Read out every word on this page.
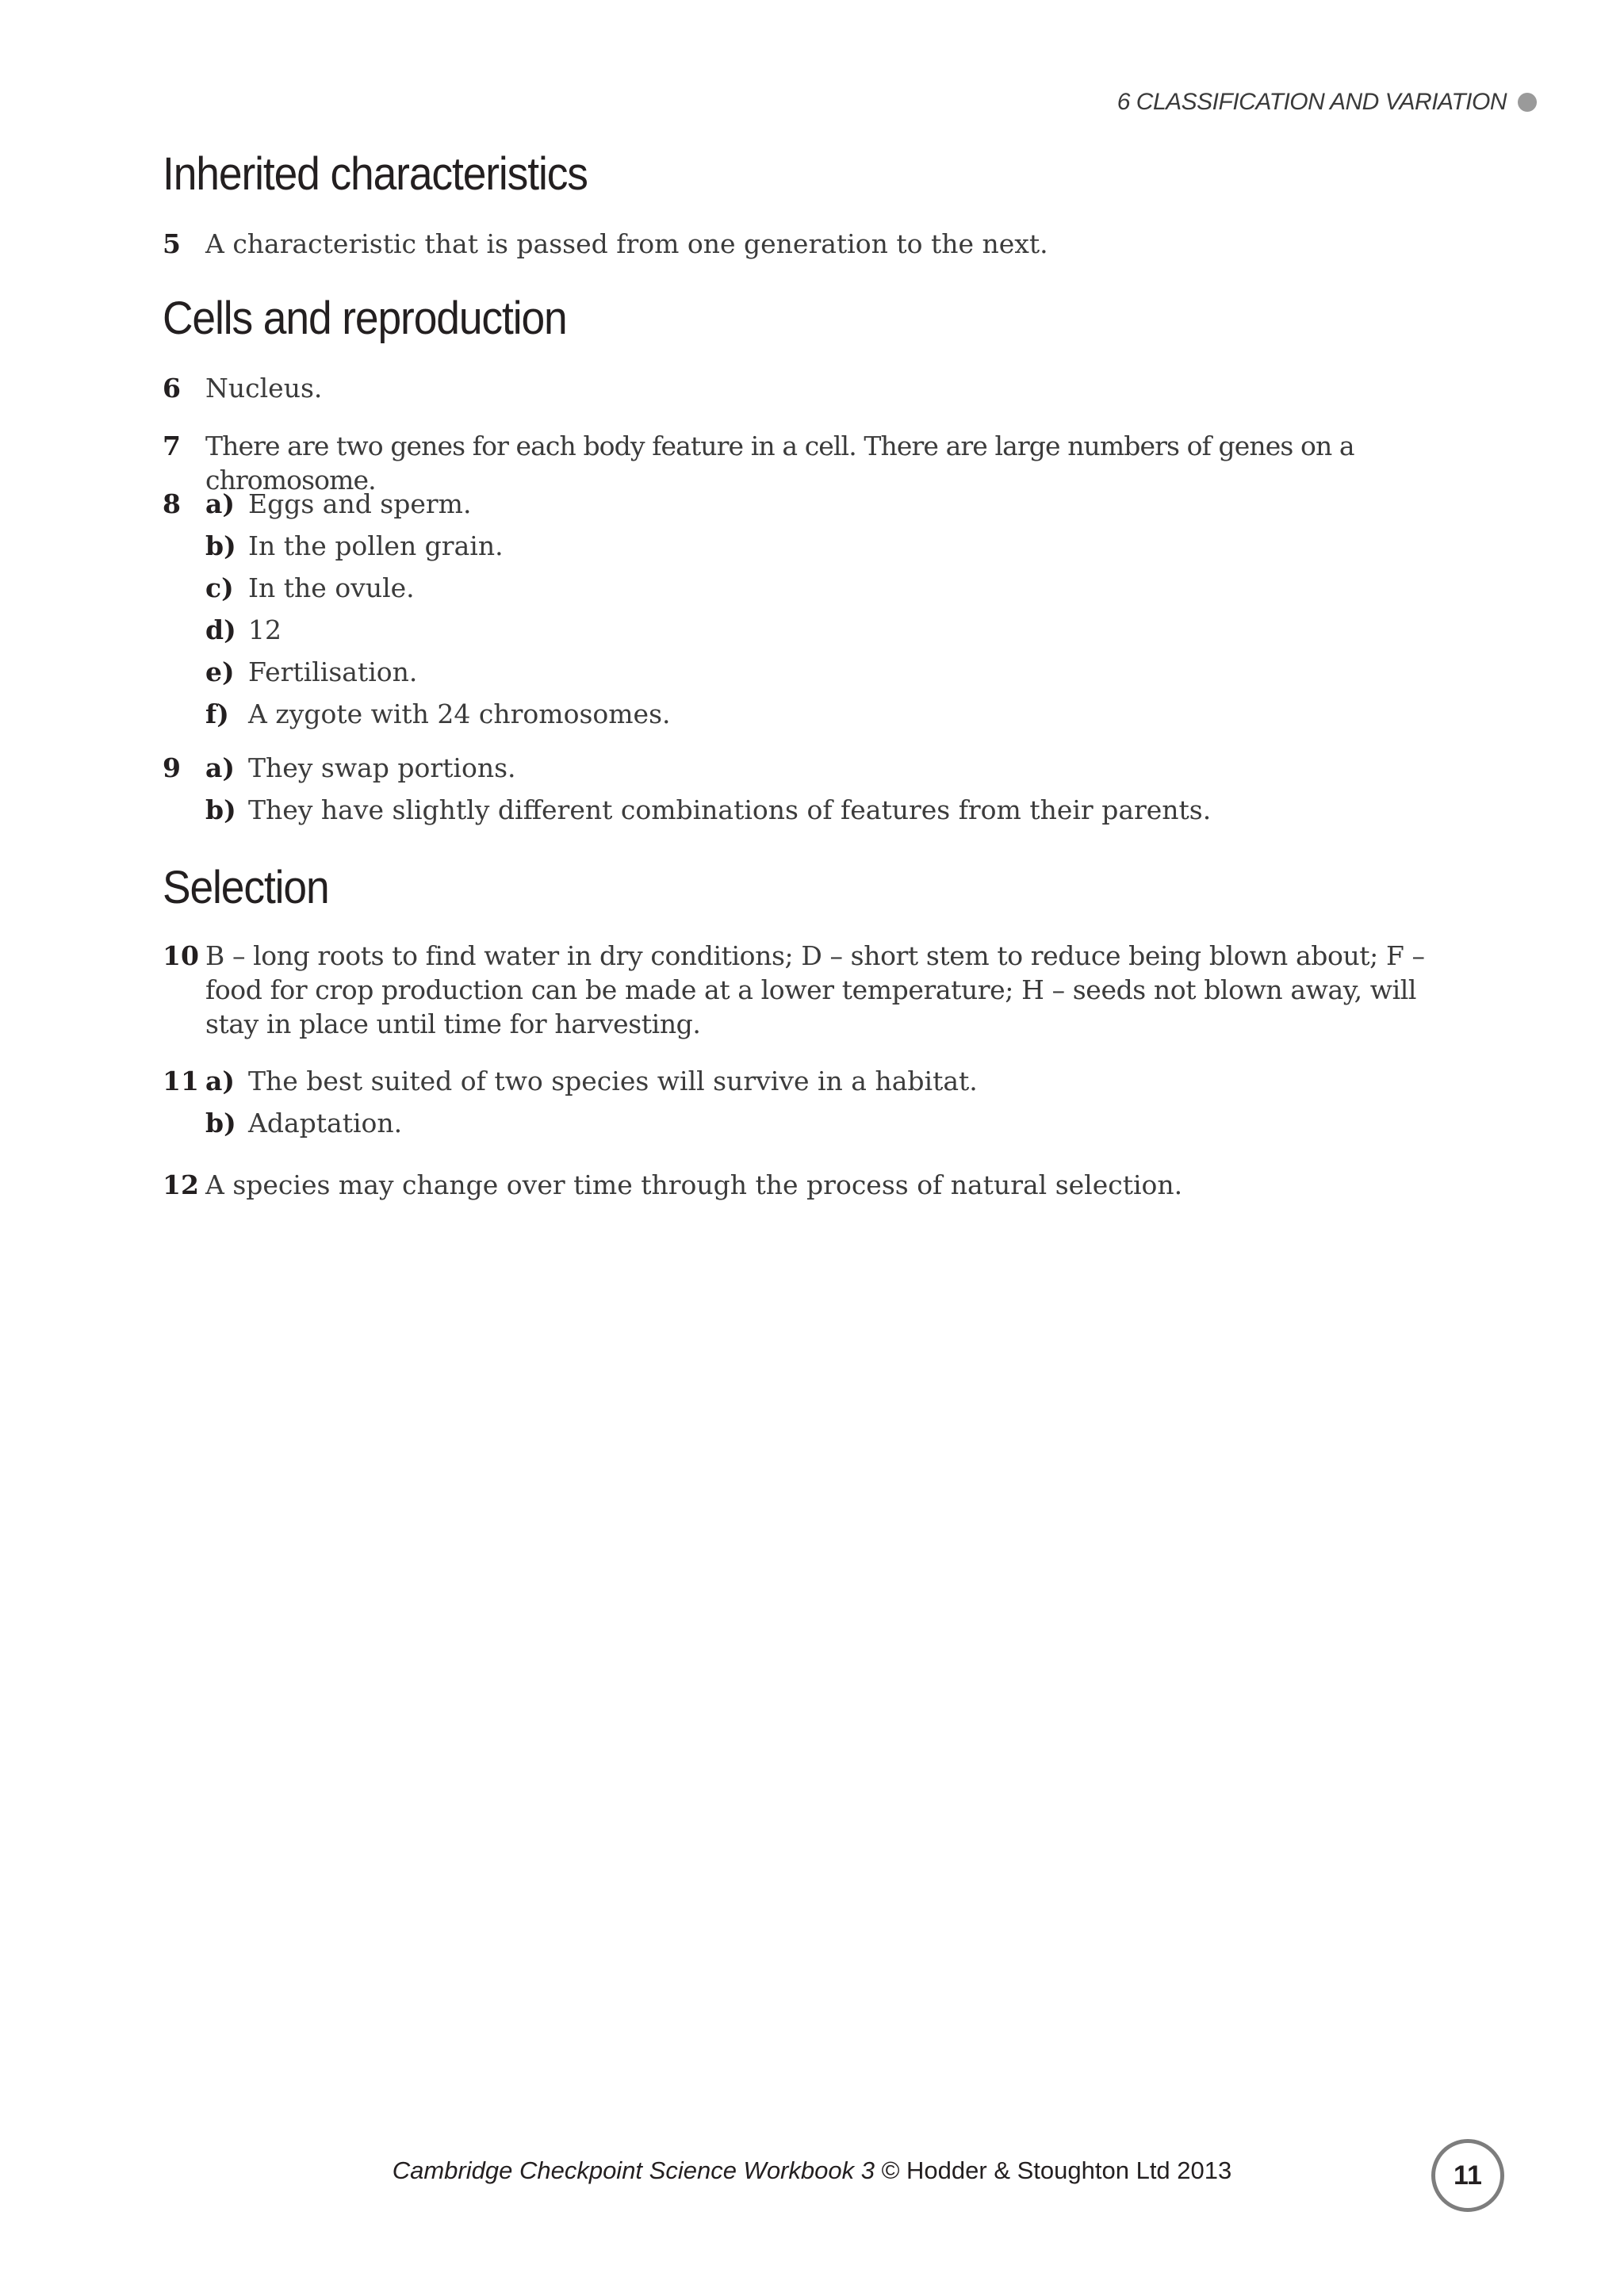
6 CLASSIFICATION AND VARIATION
Inherited characteristics
5 A characteristic that is passed from one generation to the next.
Cells and reproduction
6 Nucleus.
7 There are two genes for each body feature in a cell. There are large numbers of genes on a chromosome.
8 a) Eggs and sperm.
b) In the pollen grain.
c) In the ovule.
d) 12
e) Fertilisation.
f) A zygote with 24 chromosomes.
9 a) They swap portions.
b) They have slightly different combinations of features from their parents.
Selection
10 B – long roots to find water in dry conditions; D – short stem to reduce being blown about; F – food for crop production can be made at a lower temperature; H – seeds not blown away, will stay in place until time for harvesting.
11 a) The best suited of two species will survive in a habitat.
b) Adaptation.
12 A species may change over time through the process of natural selection.
Cambridge Checkpoint Science Workbook 3 © Hodder & Stoughton Ltd 2013	11
